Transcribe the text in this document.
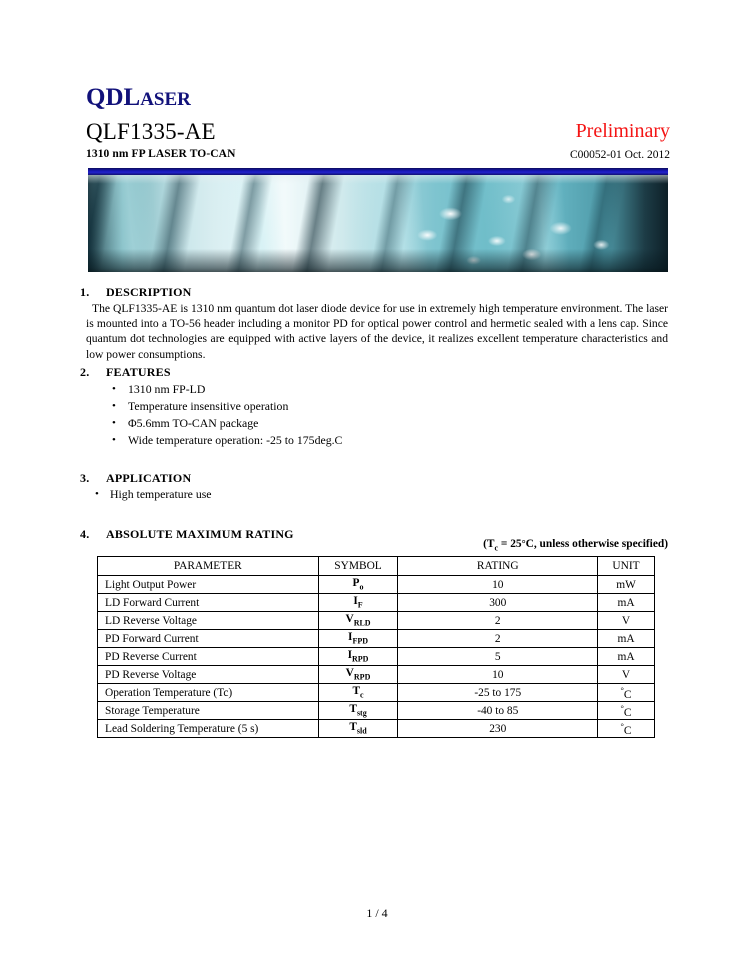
QDLASER
QLF1335-AE
1310 nm FP LASER TO-CAN
Preliminary
C00052-01 Oct. 2012
1. DESCRIPTION
The QLF1335-AE is 1310 nm quantum dot laser diode device for use in extremely high temperature environment. The laser is mounted into a TO-56 header including a monitor PD for optical power control and hermetic sealed with a lens cap. Since quantum dot technologies are equipped with active layers of the device, it realizes excellent temperature characteristics and low power consumptions.
2. FEATURES
• 1310 nm FP-LD
• Temperature insensitive operation
• Φ5.6mm TO-CAN package
• Wide temperature operation: -25 to 175deg.C
3. APPLICATION
• High temperature use
4. ABSOLUTE MAXIMUM RATING
($T_c = 25^\circ C$, unless otherwise specified)
PARAMETER	SYMBOL	RATING	UNIT
Light Output Power	$P_o$	10	mW
LD Forward Current	$I_F$	300	mA
LD Reverse Voltage	$V_{RLD}$	2	V
PD Forward Current	$I_{FPD}$	2	mA
PD Reverse Current	$I_{RPD}$	5	mA
PD Reverse Voltage	$V_{RPD}$	10	V
Operation Temperature (Tc)	$T_c$	-25 to 175	°C
Storage Temperature	$T_{stg}$	-40 to 85	°C
Lead Soldering Temperature (5 s)	$T_{sld}$	230	°C
1 / 4
